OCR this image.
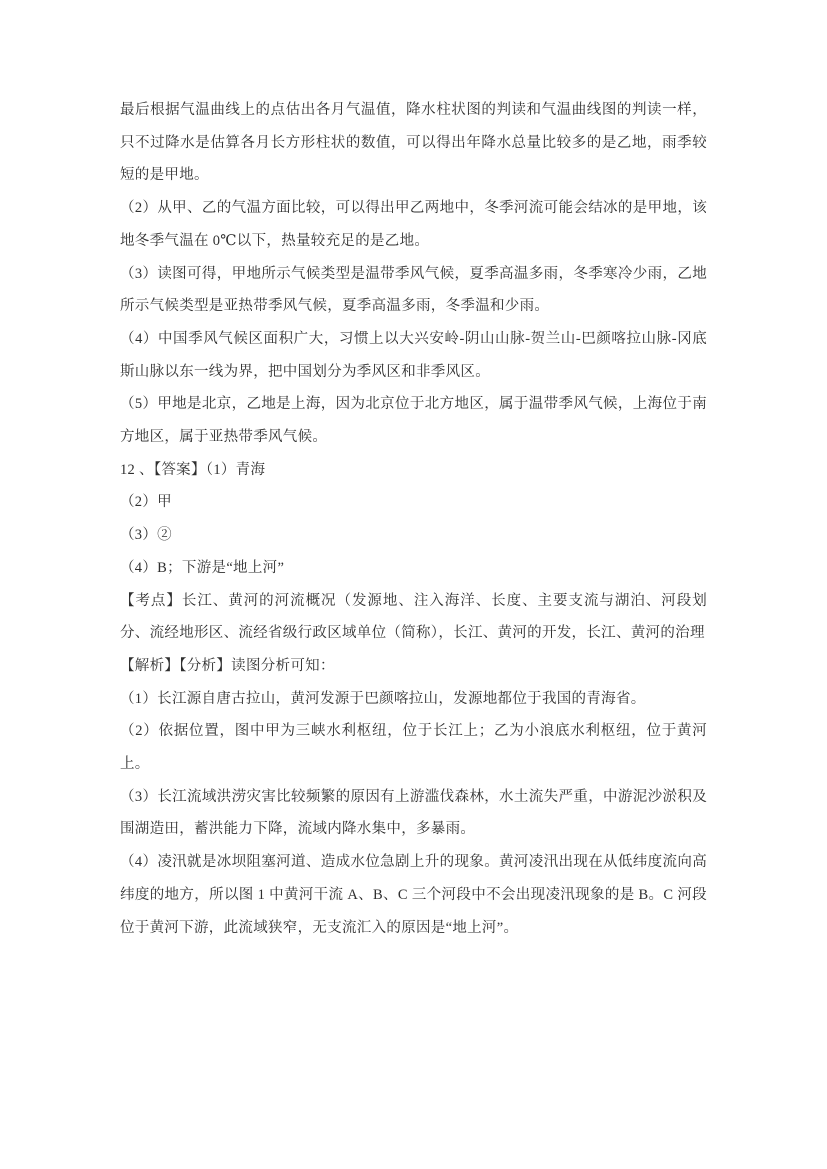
最后根据气温曲线上的点估出各月气温值，降水柱状图的判读和气温曲线图的判读一样，只不过降水是估算各月长方形柱状的数值，可以得出年降水总量比较多的是乙地，雨季较短的是甲地。

（2）从甲、乙的气温方面比较，可以得出甲乙两地中，冬季河流可能会结冰的是甲地，该地冬季气温在 0℃以下，热量较充足的是乙地。

（3）读图可得，甲地所示气候类型是温带季风气候，夏季高温多雨，冬季寒冷少雨，乙地所示气候类型是亚热带季风气候，夏季高温多雨，冬季温和少雨。

（4）中国季风气候区面积广大，习惯上以大兴安岭-阴山山脉-贺兰山-巴颜喀拉山脉-冈底斯山脉以东一线为界，把中国划分为季风区和非季风区。

（5）甲地是北京，乙地是上海，因为北京位于北方地区，属于温带季风气候，上海位于南方地区，属于亚热带季风气候。

12 、【答案】（1）青海

（2）甲

（3）②

（4）B；下游是“地上河”

【考点】长江、黄河的河流概况（发源地、注入海洋、长度、主要支流与湖泊、河段划分、流经地形区、流经省级行政区域单位（简称），长江、黄河的开发，长江、黄河的治理

【解析】【分析】读图分析可知：

（1）长江源自唐古拉山，黄河发源于巴颜喀拉山，发源地都位于我国的青海省。

（2）依据位置，图中甲为三峡水利枢纽，位于长江上；乙为小浪底水利枢纽，位于黄河上。

（3）长江流域洪涝灾害比较频繁的原因有上游滥伐森林，水土流失严重，中游泥沙淤积及围湖造田，蓄洪能力下降，流域内降水集中，多暴雨。

（4）凌汛就是冰坝阻塞河道、造成水位急剧上升的现象。黄河凌汛出现在从低纬度流向高纬度的地方，所以图 1 中黄河干流 A、B、C 三个河段中不会出现凌汛现象的是 B。C 河段位于黄河下游，此流域狭窄，无支流汇入的原因是“地上河”。
